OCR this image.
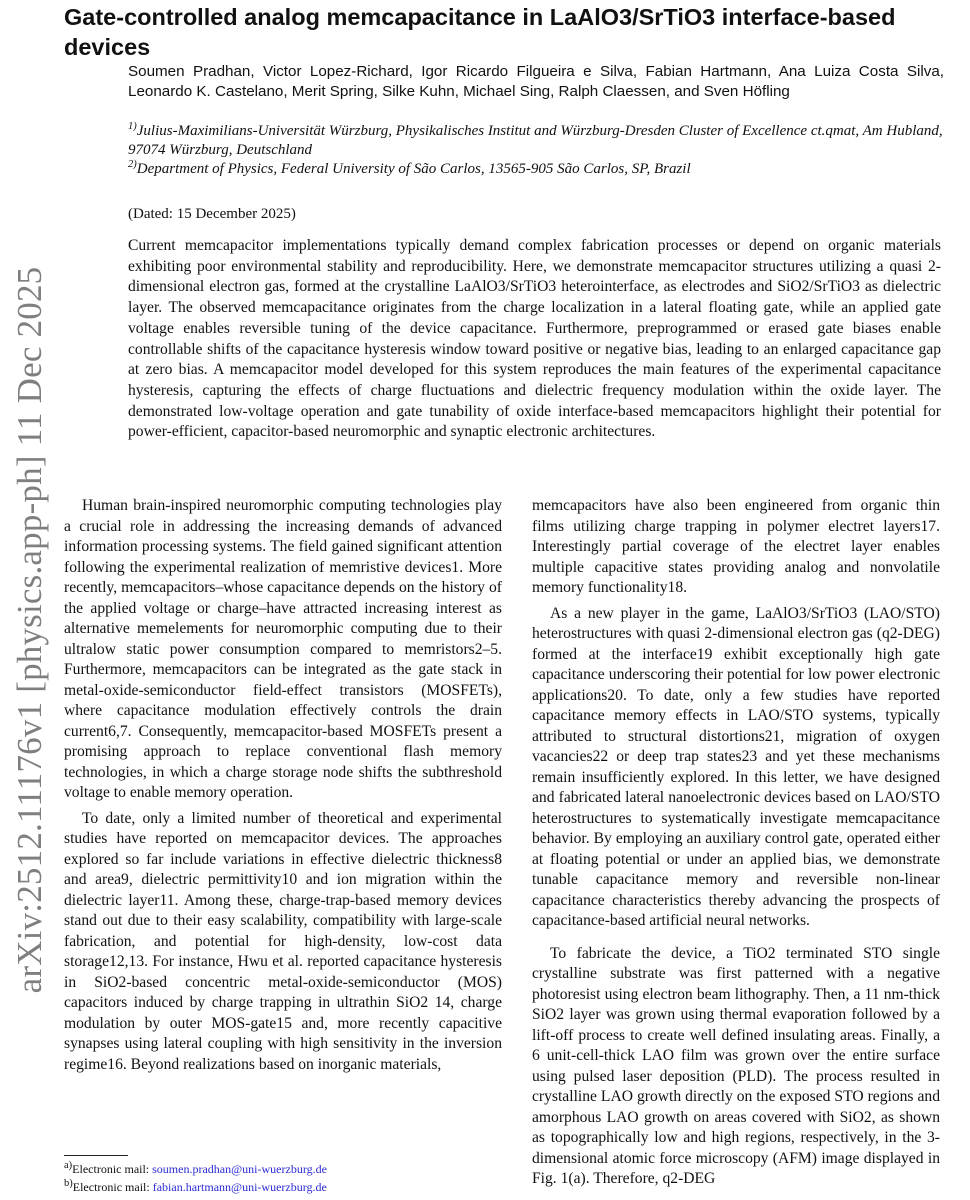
arXiv:2512.11176v1 [physics.app-ph] 11 Dec 2025
Gate-controlled analog memcapacitance in LaAlO3/SrTiO3 interface-based devices
Soumen Pradhan, Victor Lopez-Richard, Igor Ricardo Filgueira e Silva, Fabian Hartmann, Ana Luiza Costa Silva, Leonardo K. Castelano, Merit Spring, Silke Kuhn, Michael Sing, Ralph Claessen, and Sven Höfling
$^{1)}$Julius-Maximilians-Universität Würzburg, Physikalisches Institut and Würzburg-Dresden Cluster of Excellence ct.qmat, Am Hubland, 97074 Würzburg, Deutschland
$^{2)}$Department of Physics, Federal University of São Carlos, 13565-905 São Carlos, SP, Brazil
(Dated: 15 December 2025)
Current memcapacitor implementations typically demand complex fabrication processes or depend on organic materials exhibiting poor environmental stability and reproducibility. Here, we demonstrate memcapacitor structures utilizing a quasi 2-dimensional electron gas, formed at the crystalline LaAlO3/SrTiO3 heterointerface, as electrodes and SiO2/SrTiO3 as dielectric layer. The observed memcapacitance originates from the charge localization in a lateral floating gate, while an applied gate voltage enables reversible tuning of the device capacitance. Furthermore, preprogrammed or erased gate biases enable controllable shifts of the capacitance hysteresis window toward positive or negative bias, leading to an enlarged capacitance gap at zero bias. A memcapacitor model developed for this system reproduces the main features of the experimental capacitance hysteresis, capturing the effects of charge fluctuations and dielectric frequency modulation within the oxide layer. The demonstrated low-voltage operation and gate tunability of oxide interface-based memcapacitors highlight their potential for power-efficient, capacitor-based neuromorphic and synaptic electronic architectures.

Human brain-inspired neuromorphic computing technologies play a crucial role in addressing the increasing demands of advanced information processing systems. The field gained significant attention following the experimental realization of memristive devices1. More recently, memcapacitors–whose capacitance depends on the history of the applied voltage or charge–have attracted increasing interest as alternative memelements for neuromorphic computing due to their ultralow static power consumption compared to memristors2–5. Furthermore, memcapacitors can be integrated as the gate stack in metal-oxide-semiconductor field-effect transistors (MOSFETs), where capacitance modulation effectively controls the drain current6,7. Consequently, memcapacitor-based MOSFETs present a promising approach to replace conventional flash memory technologies, in which a charge storage node shifts the subthreshold voltage to enable memory operation.

To date, only a limited number of theoretical and experimental studies have reported on memcapacitor devices. The approaches explored so far include variations in effective dielectric thickness8 and area9, dielectric permittivity10 and ion migration within the dielectric layer11. Among these, charge-trap-based memory devices stand out due to their easy scalability, compatibility with large-scale fabrication, and potential for high-density, low-cost data storage12,13. For instance, Hwu et al. reported capacitance hysteresis in SiO2-based concentric metal-oxide-semiconductor (MOS) capacitors induced by charge trapping in ultrathin SiO2 14, charge modulation by outer MOS-gate15 and, more recently capacitive synapses using lateral coupling with high sensitivity in the inversion regime16. Beyond realizations based on inorganic materials,

memcapacitors have also been engineered from organic thin films utilizing charge trapping in polymer electret layers17. Interestingly partial coverage of the electret layer enables multiple capacitive states providing analog and nonvolatile memory functionality18.

As a new player in the game, LaAlO3/SrTiO3 (LAO/STO) heterostructures with quasi 2-dimensional electron gas (q2-DEG) formed at the interface19 exhibit exceptionally high gate capacitance underscoring their potential for low power electronic applications20. To date, only a few studies have reported capacitance memory effects in LAO/STO systems, typically attributed to structural distortions21, migration of oxygen vacancies22 or deep trap states23 and yet these mechanisms remain insufficiently explored. In this letter, we have designed and fabricated lateral nanoelectronic devices based on LAO/STO heterostructures to systematically investigate memcapacitance behavior. By employing an auxiliary control gate, operated either at floating potential or under an applied bias, we demonstrate tunable capacitance memory and reversible non-linear capacitance characteristics thereby advancing the prospects of capacitance-based artificial neural networks.

To fabricate the device, a TiO2 terminated STO single crystalline substrate was first patterned with a negative photoresist using electron beam lithography. Then, a 11 nm-thick SiO2 layer was grown using thermal evaporation followed by a lift-off process to create well defined insulating areas. Finally, a 6 unit-cell-thick LAO film was grown over the entire surface using pulsed laser deposition (PLD). The process resulted in crystalline LAO growth directly on the exposed STO regions and amorphous LAO growth on areas covered with SiO2, as shown as topographically low and high regions, respectively, in the 3-dimensional atomic force microscopy (AFM) image displayed in Fig. 1(a). Therefore, q2-DEG

a)Electronic mail: soumen.pradhan@uni-wuerzburg.de
b)Electronic mail: fabian.hartmann@uni-wuerzburg.de
